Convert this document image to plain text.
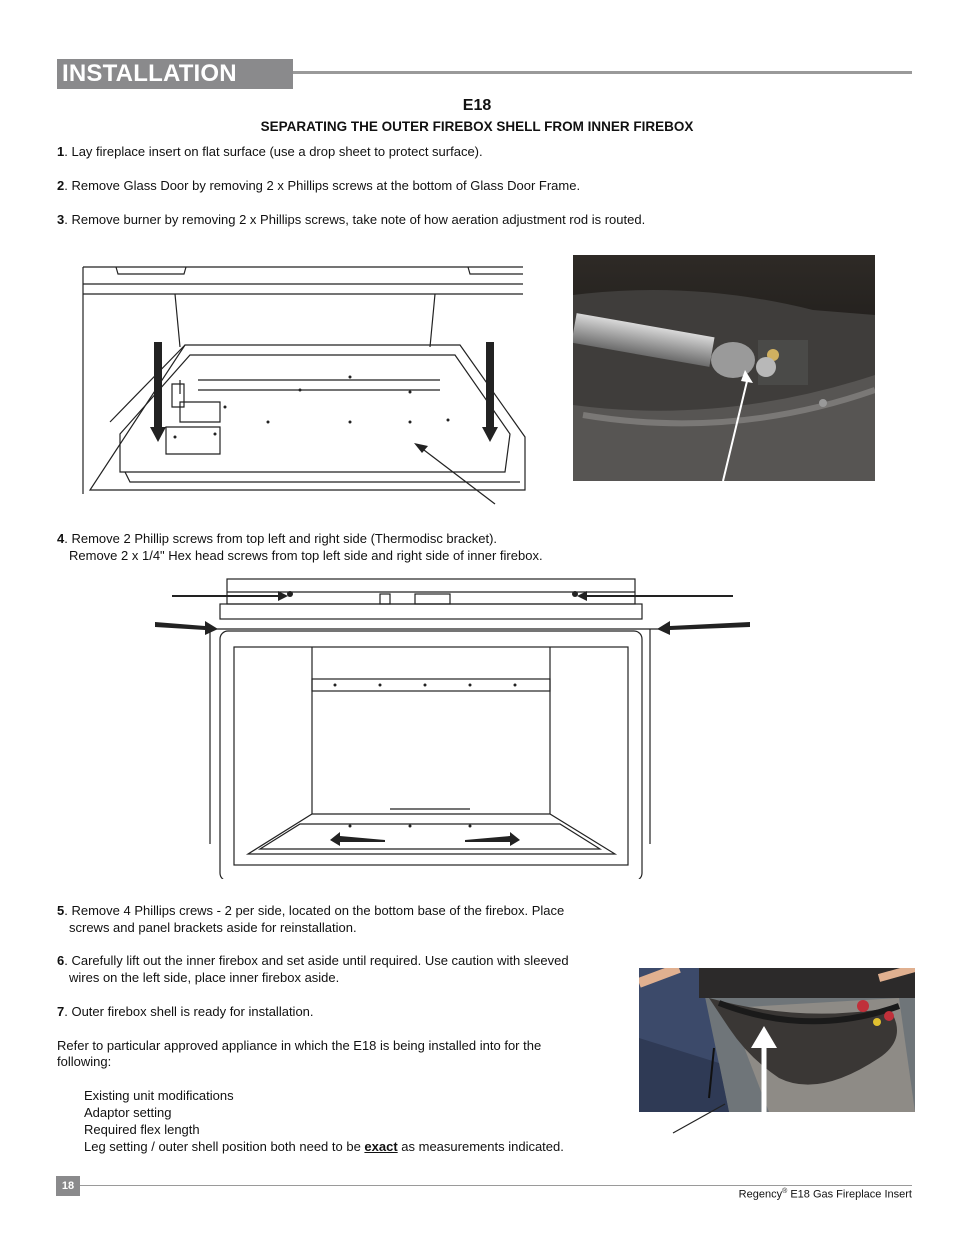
INSTALLATION
E18
SEPARATING THE OUTER FIREBOX SHELL FROM INNER FIREBOX
1. Lay fireplace insert on flat surface (use a drop sheet to protect surface).
2. Remove Glass Door by removing 2 x Phillips screws at the bottom of Glass Door Frame.
3. Remove burner by removing 2 x Phillips screws, take note of how aeration adjustment rod is routed.
4. Remove 2 Phillip screws from top left and right side (Thermodisc bracket).
Remove 2 x 1/4" Hex head screws from top left side and right side of inner firebox.
5. Remove 4 Phillips crews - 2 per side, located on the bottom base of the firebox. Place
screws and panel brackets aside for reinstallation.
6. Carefully lift out the inner firebox and set aside until required. Use caution with sleeved
wires on the left side, place inner firebox aside.
7. Outer firebox shell is ready for installation.
Refer to particular approved appliance in which the E18 is being installed into for the
following:
Existing unit modifications
Adaptor setting
Required flex length
Leg setting / outer shell position both need to be exact as measurements indicated.
18
Regency® E18 Gas Fireplace Insert
